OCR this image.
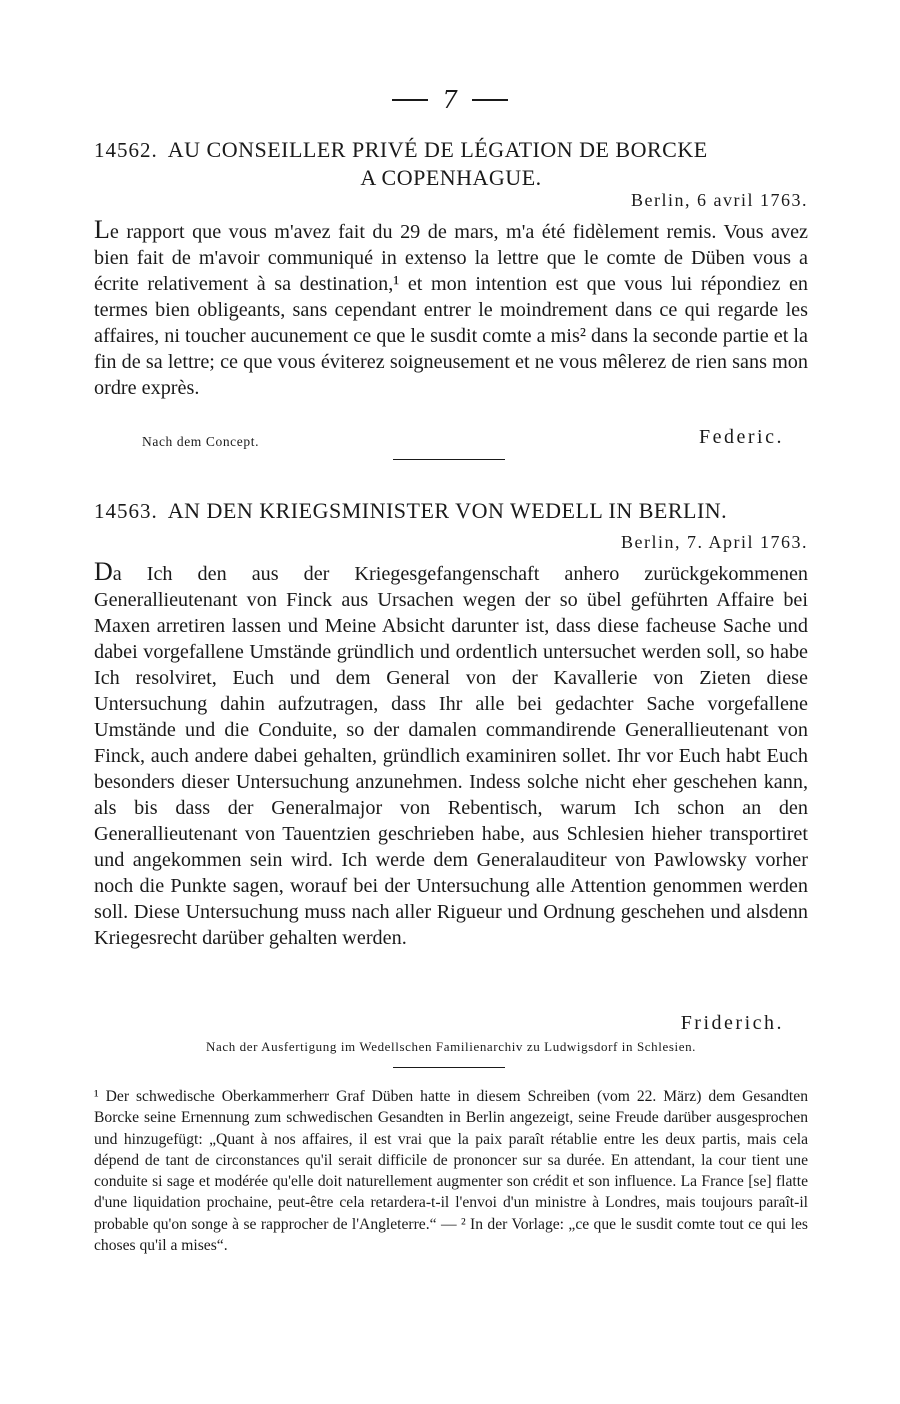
7
14562. AU CONSEILLER PRIVÉ DE LÉGATION DE BORCKE
A COPENHAGUE.
Berlin, 6 avril 1763.
Le rapport que vous m'avez fait du 29 de mars, m'a été fidèlement remis. Vous avez bien fait de m'avoir communiqué in extenso la lettre que le comte de Düben vous a écrite relativement à sa destination,¹ et mon intention est que vous lui répondiez en termes bien obligeants, sans cependant entrer le moindrement dans ce qui regarde les affaires, ni toucher aucunement ce que le susdit comte a mis² dans la seconde partie et la fin de sa lettre; ce que vous éviterez soigneusement et ne vous mêlerez de rien sans mon ordre exprès.
Nach dem Concept.	Federic.
14563. AN DEN KRIEGSMINISTER VON WEDELL IN BERLIN.
Berlin, 7. April 1763.
Da Ich den aus der Kriegesgefangenschaft anhero zurückgekommenen Generallieutenant von Finck aus Ursachen wegen der so übel geführten Affaire bei Maxen arretiren lassen und Meine Absicht darunter ist, dass diese facheuse Sache und dabei vorgefallene Umstände gründlich und ordentlich untersuchet werden soll, so habe Ich resolviret, Euch und dem General von der Kavallerie von Zieten diese Untersuchung dahin aufzutragen, dass Ihr alle bei gedachter Sache vorgefallene Umstände und die Conduite, so der damalen commandirende Generallieutenant von Finck, auch andere dabei gehalten, gründlich examiniren sollet. Ihr vor Euch habt Euch besonders dieser Untersuchung anzunehmen. Indess solche nicht eher geschehen kann, als bis dass der Generalmajor von Rebentisch, warum Ich schon an den Generallieutenant von Tauentzien geschrieben habe, aus Schlesien hieher transportiret und angekommen sein wird. Ich werde dem Generalauditeur von Pawlowsky vorher noch die Punkte sagen, worauf bei der Untersuchung alle Attention genommen werden soll. Diese Untersuchung muss nach aller Rigueur und Ordnung geschehen und alsdenn Kriegesrecht darüber gehalten werden.
Friderich.
Nach der Ausfertigung im Wedellschen Familienarchiv zu Ludwigsdorf in Schlesien.
¹ Der schwedische Oberkammerherr Graf Düben hatte in diesem Schreiben (vom 22. März) dem Gesandten Borcke seine Ernennung zum schwedischen Gesandten in Berlin angezeigt, seine Freude darüber ausgesprochen und hinzugefügt: „Quant à nos affaires, il est vrai que la paix paraît rétablie entre les deux partis, mais cela dépend de tant de circonstances qu'il serait difficile de prononcer sur sa durée. En attendant, la cour tient une conduite si sage et modérée qu'elle doit naturellement augmenter son crédit et son influence. La France [se] flatte d'une liquidation prochaine, peut-être cela retardera-t-il l'envoi d'un ministre à Londres, mais toujours paraît-il probable qu'on songe à se rapprocher de l'Angleterre.“ — ² In der Vorlage: „ce que le susdit comte tout ce qui les choses qu'il a mises“.
